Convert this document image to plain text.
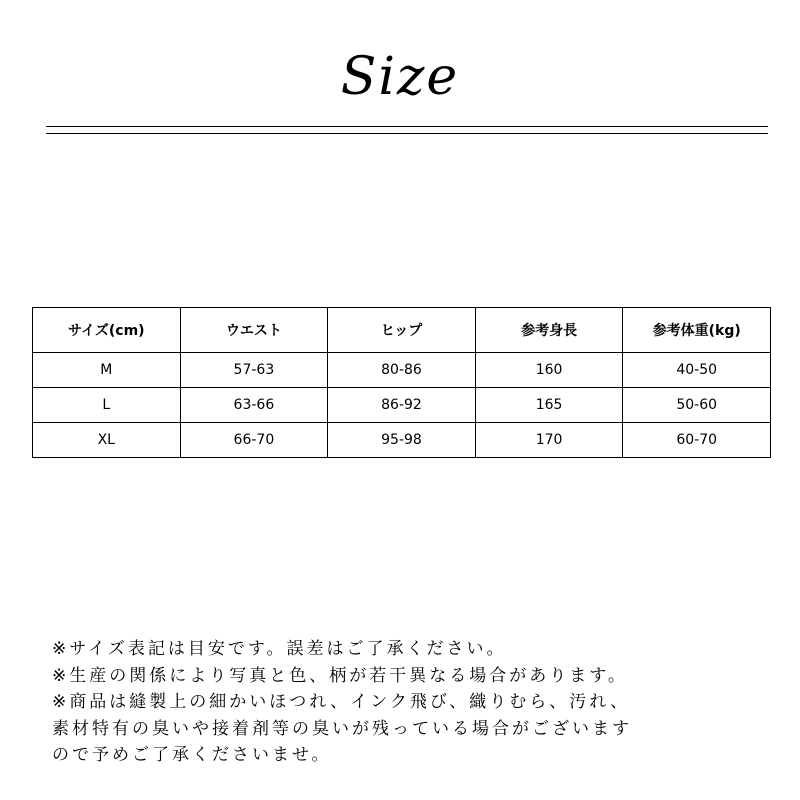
Size
サイズ(cm)	ウエスト	ヒップ	参考身長	参考体重(kg)
M	57-63	80-86	160	40-50
L	63-66	86-92	165	50-60
XL	66-70	95-98	170	60-70
※サイズ表記は目安です。誤差はご了承ください。
※生産の関係により写真と色、柄が若干異なる場合があります。
※商品は縫製上の細かいほつれ、インク飛び、織りむら、汚れ、
素材特有の臭いや接着剤等の臭いが残っている場合がございます
ので予めご了承くださいませ。
